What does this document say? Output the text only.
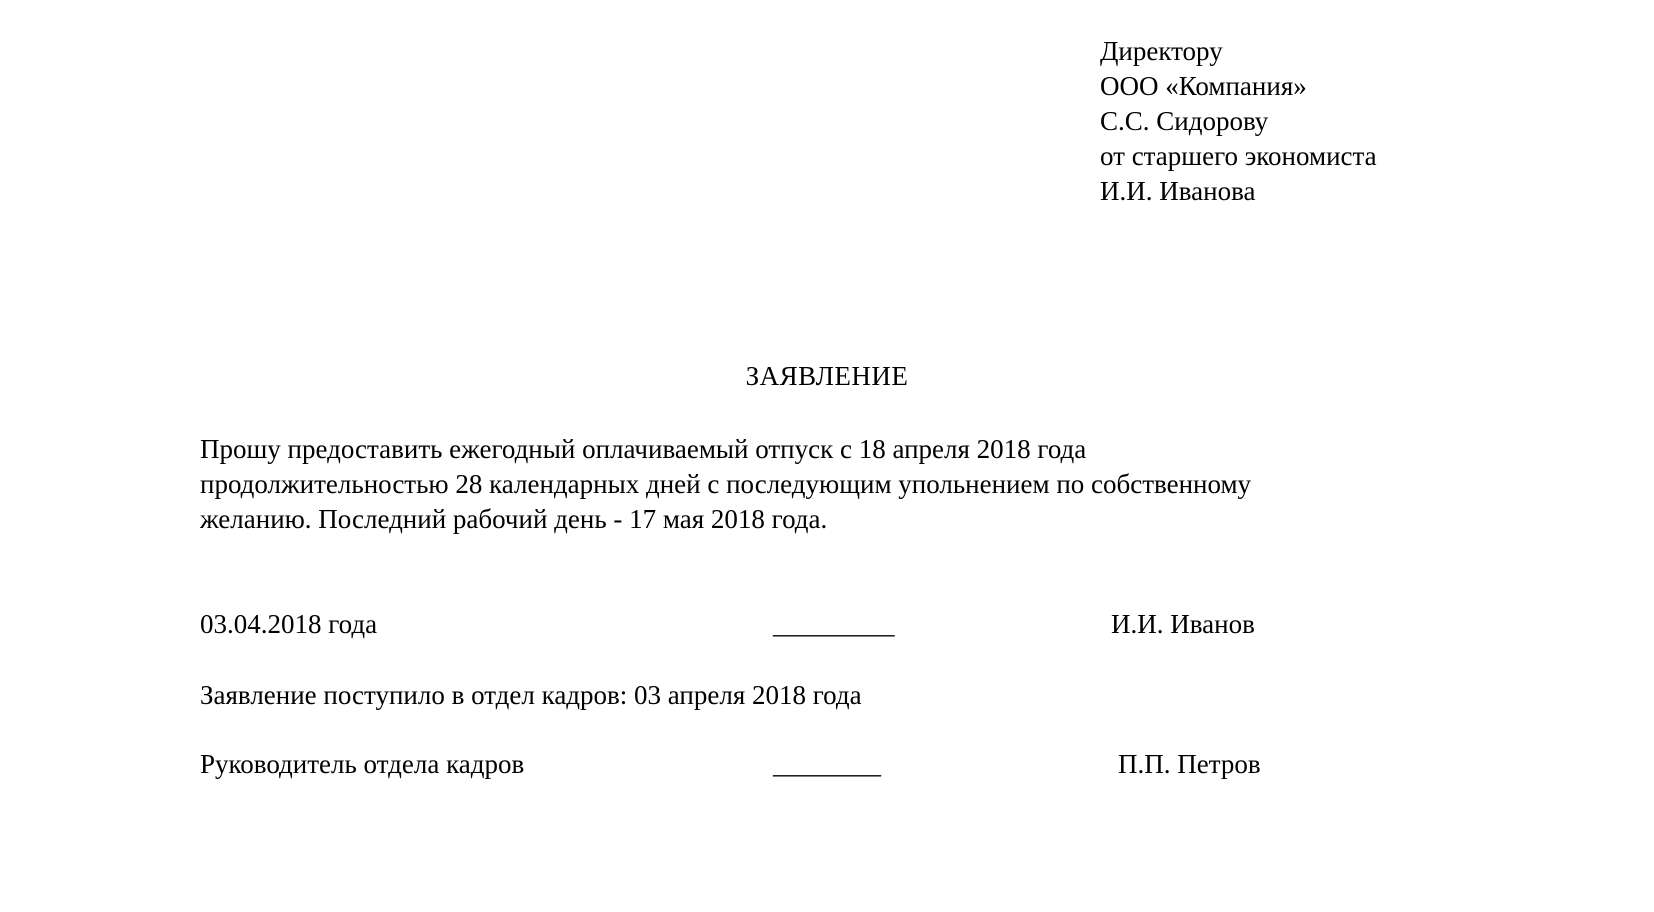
Директору
ООО «Компания»
С.С. Сидорову
от старшего экономиста
И.И. Иванова
ЗАЯВЛЕНИЕ
Прошу предоставить ежегодный оплачиваемый отпуск с 18 апреля 2018 года
продолжительностью 28 календарных дней с последующим упольнением по собственному
желанию. Последний рабочий день - 17 мая 2018 года.
03.04.2018 года	_________	И.И. Иванов
Заявление поступило в отдел кадров: 03 апреля 2018 года
Руководитель отдела кадров	________	П.П. Петров
